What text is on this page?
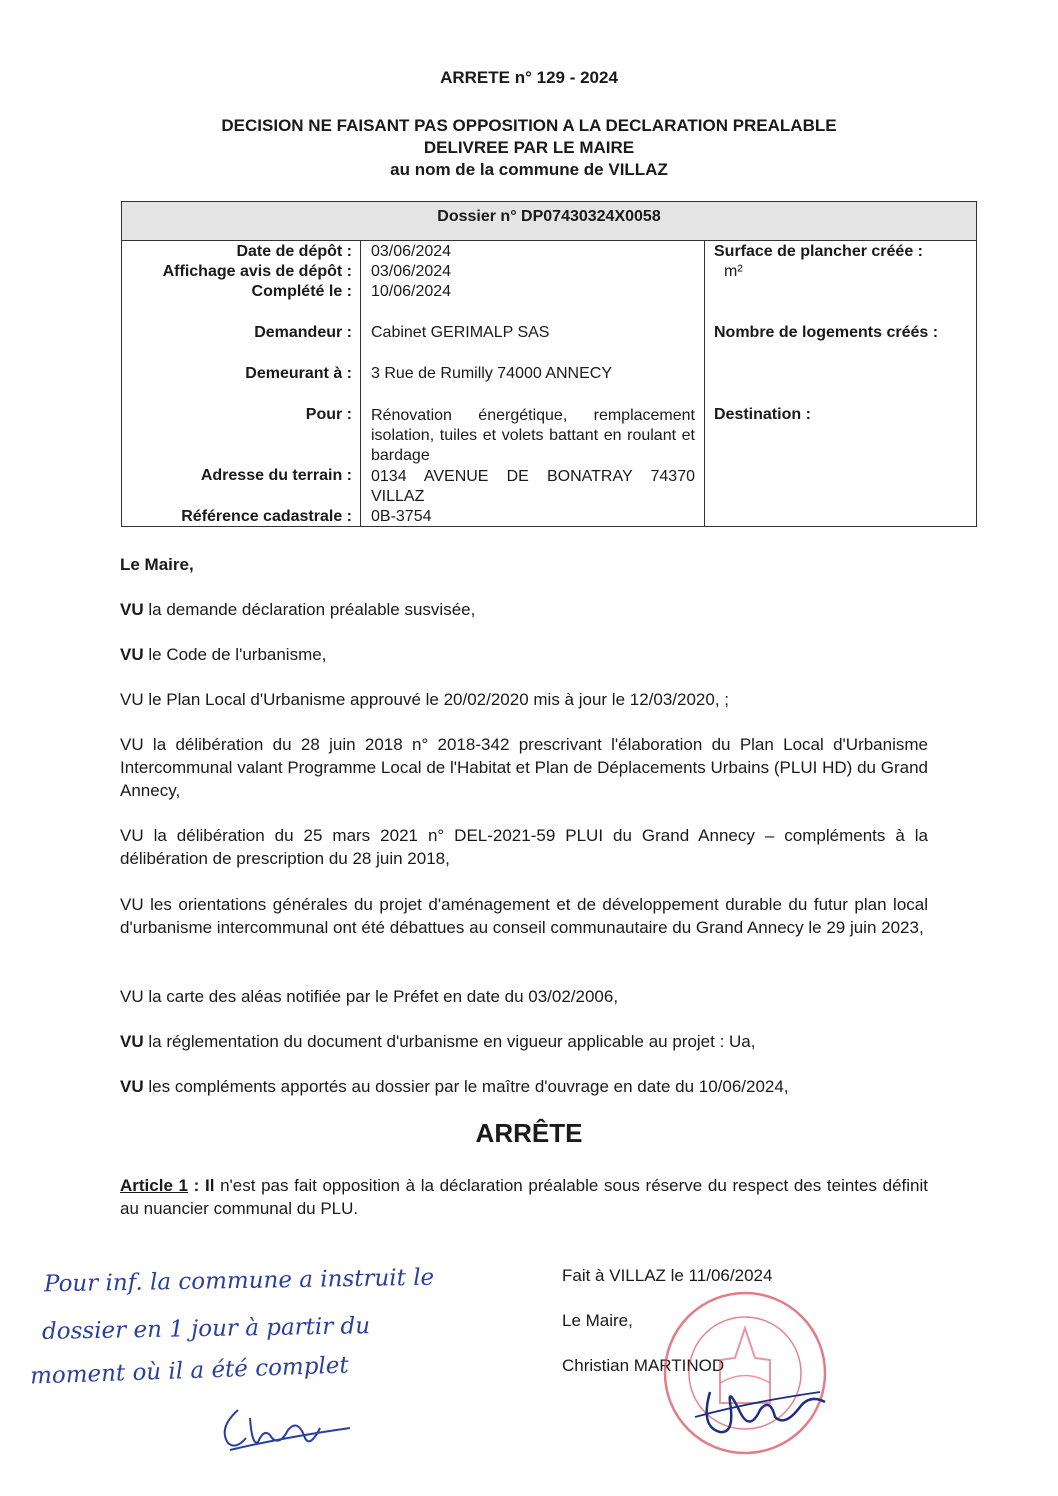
ARRETE n° 129 - 2024
DECISION NE FAISANT PAS OPPOSITION A LA DECLARATION PREALABLE
DELIVREE PAR LE MAIRE
au nom de la commune de VILLAZ
Dossier n° DP07430324X0058
Date de dépôt :
Affichage avis de dépôt :
Complété le :
Demandeur :
Demeurant à :
Pour :
Adresse du terrain :
Référence cadastrale :
03/06/2024
03/06/2024
10/06/2024
Cabinet GERIMALP SAS
3 Rue de Rumilly 74000 ANNECY
Rénovation énergétique, remplacement isolation, tuiles et volets battant en roulant et bardage
0134 AVENUE DE BONATRAY 74370 VILLAZ
0B-3754
Surface de plancher créée :
m²
Nombre de logements créés :
Destination :
Le Maire,
VU la demande déclaration préalable susvisée,
VU le Code de l'urbanisme,
VU le Plan Local d'Urbanisme approuvé le 20/02/2020 mis à jour le 12/03/2020, ;
VU la délibération du 28 juin 2018 n° 2018-342 prescrivant l'élaboration du Plan Local d'Urbanisme Intercommunal valant Programme Local de l'Habitat et Plan de Déplacements Urbains (PLUI HD) du Grand Annecy,
VU la délibération du 25 mars 2021 n° DEL-2021-59 PLUI du Grand Annecy – compléments à la délibération de prescription du 28 juin 2018,
VU les orientations générales du projet d'aménagement et de développement durable du futur plan local d'urbanisme intercommunal ont été débattues au conseil communautaire du Grand Annecy le 29 juin 2023,
VU la carte des aléas notifiée par le Préfet en date du 03/02/2006,
VU la réglementation du document d'urbanisme en vigueur applicable au projet : Ua,
VU les compléments apportés au dossier par le maître d'ouvrage en date du 10/06/2024,
ARRÊTE
Article 1 : Il n'est pas fait opposition à la déclaration préalable sous réserve du respect des teintes définit au nuancier communal du PLU.
Fait à VILLAZ le 11/06/2024
Le Maire,
Christian MARTINOD
Pour inf. la commune a instruit le
dossier en 1 jour à partir du
moment où il a été complet
